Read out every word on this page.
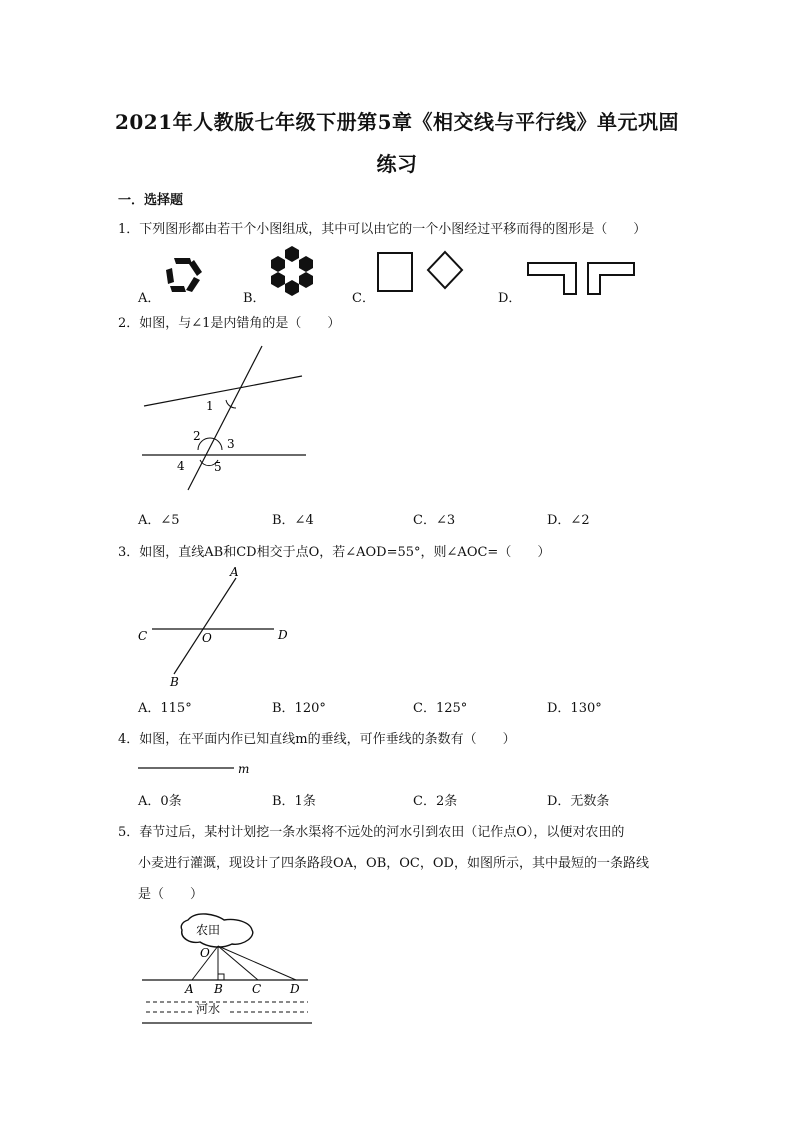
2021年人教版七年级下册第5章《相交线与平行线》单元巩固
练习
一．选择题
1．下列图形都由若干个小图组成，其中可以由它的一个小图经过平移而得的图形是（　　）
A．	B．	C．	D．
2．如图，与∠1是内错角的是（　　）
1
2
3
4 5
A．∠5	B．∠4	C．∠3	D．∠2
3．如图，直线AB和CD相交于点O，若∠AOD=55°，则∠AOC=（　　）
A
C	O	D
B
A．115°	B．120°	C．125°	D．130°
4．如图，在平面内作已知直线m的垂线，可作垂线的条数有（　　）
m
A．0条	B．1条	C．2条	D．无数条
5．春节过后，某村计划挖一条水渠将不远处的河水引到农田（记作点O），以便对农田的
小麦进行灌溉，现设计了四条路段OA，OB，OC，OD，如图所示，其中最短的一条路线
是（　　）
农田
O
A B C D
河水
